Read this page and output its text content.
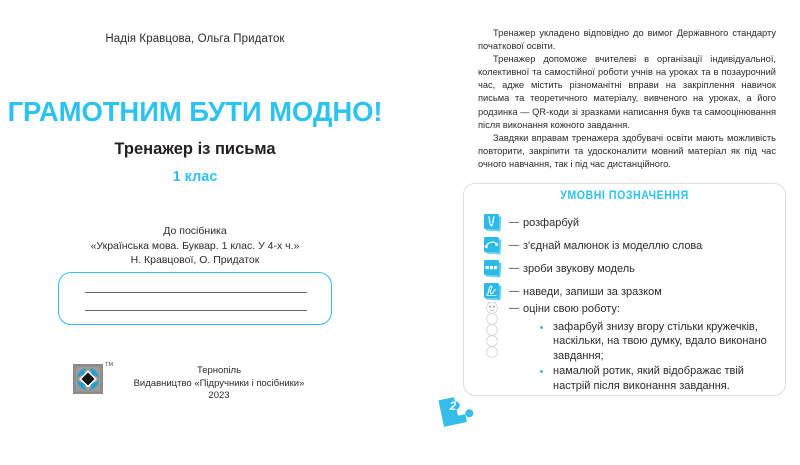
Надія Кравцова, Ольга Придаток
ГРАМОТНИМ БУТИ МОДНО!
Тренажер із письма
1 клас
До посібника
«Українська мова. Буквар. 1 клас. У 4-х ч.»
Н. Кравцової, О. Придаток
ТМ	Тернопіль
Видавництво «Підручники і посібники»
2023

Тренажер укладено відповідно до вимог Державного стандарту початкової освіти.

Тренажер допоможе вчителеві в організації індивідуальної, колективної та самостійної роботи учнів на уроках та в позаурочний час, адже містить різноманітні вправи на закріплення навичок письма та теоретичного матеріалу, вивченого на уроках, а його родзинка — QR-коди зі зразками написання букв та самооцінювання після виконання кожного завдання.

Завдяки вправам тренажера здобувачі освіти мають можливість повторити, закріпити та удосконалити мовний матеріал як під час очного навчання, так і під час дистанційного.

УМОВНІ ПОЗНАЧЕННЯ
— розфарбуй
— з'єднай малюнок із моделлю слова
— зроби звукову модель
— наведи, запиши за зразком
— оціни свою роботу:
зафарбуй знизу вгору стільки кружечків, наскільки, на твою думку, вдало виконано завдання;
намалюй ротик, який відображає твій настрій після виконання завдання.
2
